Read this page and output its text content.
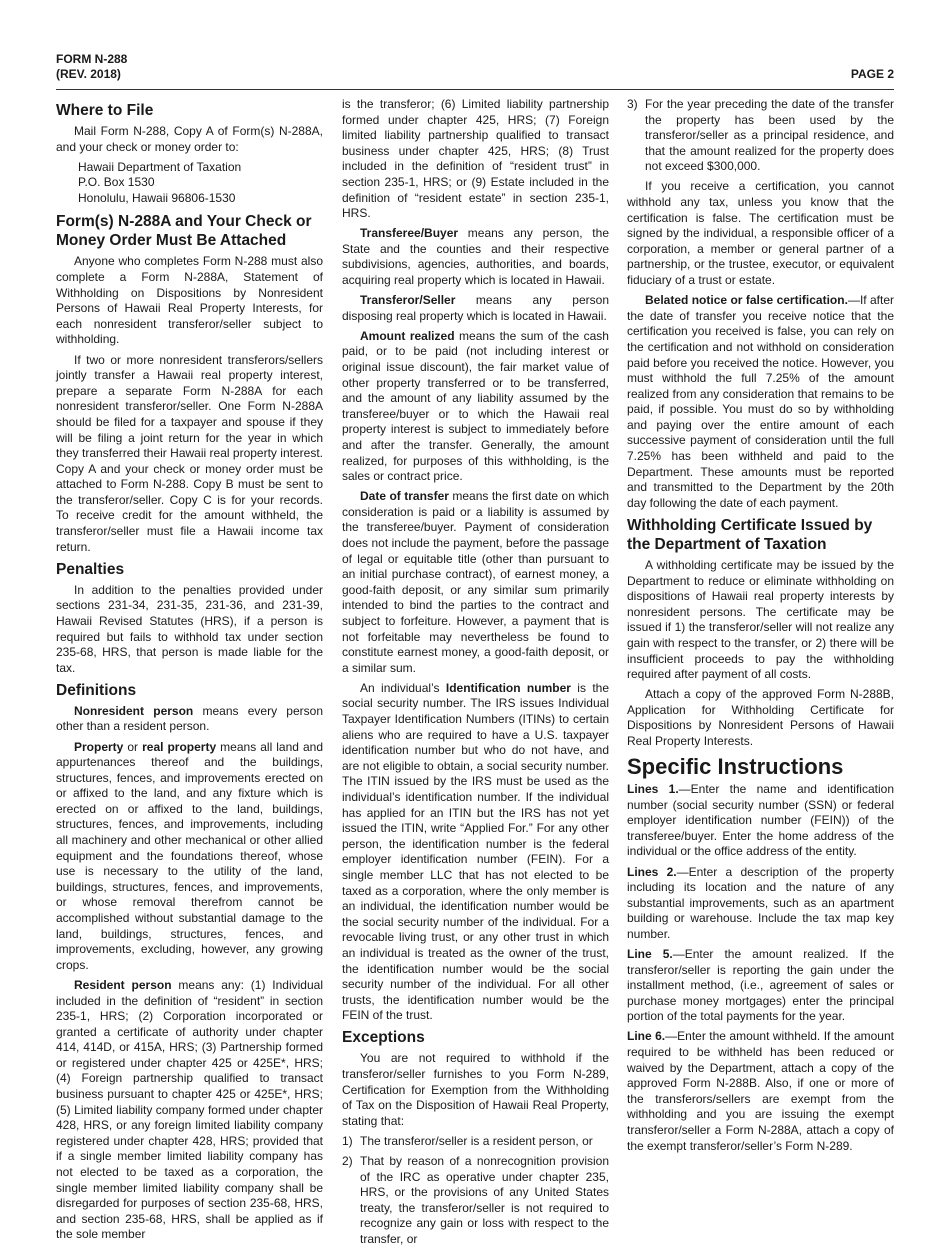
FORM N-288
(REV. 2018)	PAGE 2
Where to File

Mail Form N-288, Copy A of Form(s) N-288A, and your check or money order to:

Hawaii Department of Taxation
P.O. Box 1530
Honolulu, Hawaii 96806-1530
Form(s) N-288A and Your Check or Money Order Must Be Attached

Anyone who completes Form N-288 must also complete a Form N-288A, Statement of Withholding on Dispositions by Nonresident Persons of Hawaii Real Property Interests, for each nonresident transferor/seller subject to withholding.

If two or more nonresident transferors/sellers jointly transfer a Hawaii real property interest, prepare a separate Form N-288A for each nonresident transferor/seller. One Form N-288A should be filed for a taxpayer and spouse if they will be filing a joint return for the year in which they transferred their Hawaii real property interest. Copy A and your check or money order must be attached to Form N-288. Copy B must be sent to the transferor/seller. Copy C is for your records. To receive credit for the amount withheld, the transferor/seller must file a Hawaii income tax return.

Penalties

In addition to the penalties provided under sections 231-34, 231-35, 231-36, and 231-39, Hawaii Revised Statutes (HRS), if a person is required but fails to withhold tax under section 235-68, HRS, that person is made liable for the tax.

Definitions

Nonresident person means every person other than a resident person.

Property or real property means all land and appurtenances thereof and the buildings, structures, fences, and improvements erected on or affixed to the land, and any fixture which is erected on or affixed to the land, buildings, structures, fences, and improvements, including all machinery and other mechanical or other allied equipment and the foundations thereof, whose use is necessary to the utility of the land, buildings, structures, fences, and improvements, or whose removal therefrom cannot be accomplished without substantial damage to the land, buildings, structures, fences, and improvements, excluding, however, any growing crops.

Resident person means any: (1) Individual included in the definition of “resident” in section 235-1, HRS; (2) Corporation incorporated or granted a certificate of authority under chapter 414, 414D, or 415A, HRS; (3) Partnership formed or registered under chapter 425 or 425E*, HRS; (4) Foreign partnership qualified to transact business pursuant to chapter 425 or 425E*, HRS; (5) Limited liability company formed under chapter 428, HRS, or any foreign limited liability company registered under chapter 428, HRS; provided that if a single member limited liability company has not elected to be taxed as a corporation, the single member limited liability company shall be disregarded for purposes of section 235-68, HRS, and section 235-68, HRS, shall be applied as if the sole member

is the transferor; (6) Limited liability partnership formed under chapter 425, HRS; (7) Foreign limited liability partnership qualified to transact business under chapter 425, HRS; (8) Trust included in the definition of “resident trust” in section 235-1, HRS; or (9) Estate included in the definition of “resident estate” in section 235-1, HRS.

Transferee/Buyer means any person, the State and the counties and their respective subdivisions, agencies, authorities, and boards, acquiring real property which is located in Hawaii.

Transferor/Seller means any person disposing real property which is located in Hawaii.

Amount realized means the sum of the cash paid, or to be paid (not including interest or original issue discount), the fair market value of other property transferred or to be transferred, and the amount of any liability assumed by the transferee/buyer or to which the Hawaii real property interest is subject to immediately before and after the transfer. Generally, the amount realized, for purposes of this withholding, is the sales or contract price.

Date of transfer means the first date on which consideration is paid or a liability is assumed by the transferee/buyer. Payment of consideration does not include the payment, before the passage of legal or equitable title (other than pursuant to an initial purchase contract), of earnest money, a good-faith deposit, or any similar sum primarily intended to bind the parties to the contract and subject to forfeiture. However, a payment that is not forfeitable may nevertheless be found to constitute earnest money, a good-faith deposit, or a similar sum.

An individual’s Identification number is the social security number. The IRS issues Individual Taxpayer Identification Numbers (ITINs) to certain aliens who are required to have a U.S. taxpayer identification number but who do not have, and are not eligible to obtain, a social security number. The ITIN issued by the IRS must be used as the individual’s identification number. If the individual has applied for an ITIN but the IRS has not yet issued the ITIN, write “Applied For.” For any other person, the identification number is the federal employer identification number (FEIN). For a single member LLC that has not elected to be taxed as a corporation, where the only member is an individual, the identification number would be the social security number of the individual. For a revocable living trust, or any other trust in which an individual is treated as the owner of the trust, the identification number would be the social security number of the individual. For all other trusts, the identification number would be the FEIN of the trust.

Exceptions

You are not required to withhold if the transferor/seller furnishes to you Form N-289, Certification for Exemption from the Withholding of Tax on the Disposition of Hawaii Real Property, stating that:

1) The transferor/seller is a resident person, or
2) That by reason of a nonrecognition provision of the IRC as operative under chapter 235, HRS, or the provisions of any United States treaty, the transferor/seller is not required to recognize any gain or loss with respect to the transfer, or
3) For the year preceding the date of the transfer the property has been used by the transferor/seller as a principal residence, and that the amount realized for the property does not exceed $300,000.

If you receive a certification, you cannot withhold any tax, unless you know that the certification is false. The certification must be signed by the individual, a responsible officer of a corporation, a member or general partner of a partnership, or the trustee, executor, or equivalent fiduciary of a trust or estate.

Belated notice or false certification.—If after the date of transfer you receive notice that the certification you received is false, you can rely on the certification and not withhold on consideration paid before you received the notice. However, you must withhold the full 7.25% of the amount realized from any consideration that remains to be paid, if possible. You must do so by withholding and paying over the entire amount of each successive payment of consideration until the full 7.25% has been withheld and paid to the Department. These amounts must be reported and transmitted to the Department by the 20th day following the date of each payment.

Withholding Certificate Issued by the Department of Taxation

A withholding certificate may be issued by the Department to reduce or eliminate withholding on dispositions of Hawaii real property interests by nonresident persons. The certificate may be issued if 1) the transferor/seller will not realize any gain with respect to the transfer, or 2) there will be insufficient proceeds to pay the withholding required after payment of all costs.

Attach a copy of the approved Form N-288B, Application for Withholding Certificate for Dispositions by Nonresident Persons of Hawaii Real Property Interests.

Specific Instructions

Lines 1.—Enter the name and identification number (social security number (SSN) or federal employer identification number (FEIN)) of the transferee/buyer. Enter the home address of the individual or the office address of the entity.

Lines 2.—Enter a description of the property including its location and the nature of any substantial improvements, such as an apartment building or warehouse. Include the tax map key number.

Line 5.—Enter the amount realized. If the transferor/seller is reporting the gain under the installment method, (i.e., agreement of sales or purchase money mortgages) enter the principal portion of the total payments for the year.

Line 6.—Enter the amount withheld. If the amount required to be withheld has been reduced or waived by the Department, attach a copy of the approved Form N-288B. Also, if one or more of the transferors/sellers are exempt from the withholding and you are issuing the exempt transferor/seller a Form N-288A, attach a copy of the exempt transferor/seller’s Form N-289.
